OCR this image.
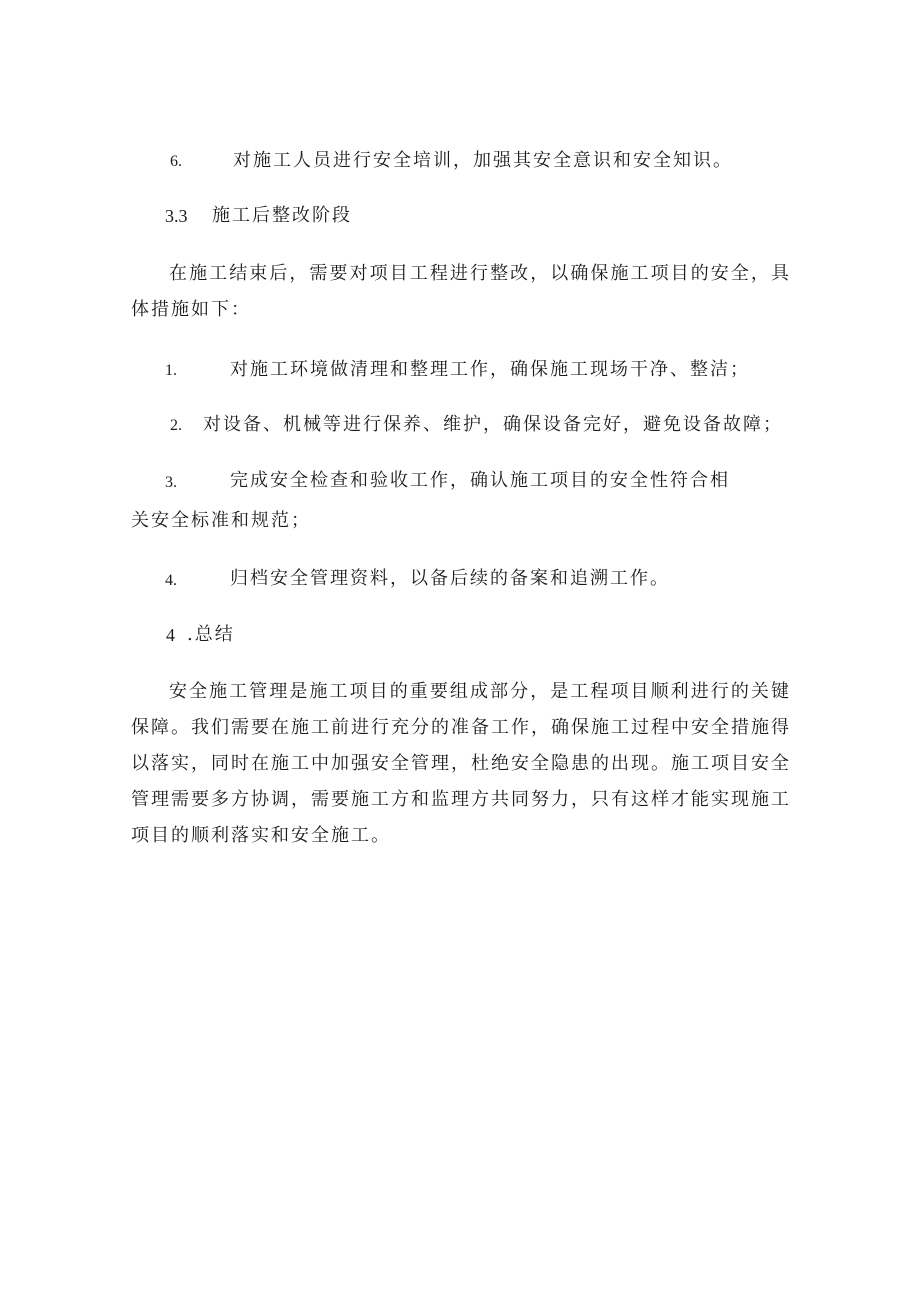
6.	对施工人员进行安全培训，加强其安全意识和安全知识。
3.3 施工后整改阶段
在施工结束后，需要对项目工程进行整改，以确保施工项目的安全，具体措施如下：
1.	对施工环境做清理和整理工作，确保施工现场干净、整洁；
2. 对设备、机械等进行保养、维护，确保设备完好，避免设备故障；
3.	完成安全检查和验收工作，确认施工项目的安全性符合相
关安全标准和规范；
4.	归档安全管理资料，以备后续的备案和追溯工作。
4 .总结
安全施工管理是施工项目的重要组成部分，是工程项目顺利进行的关键保障。我们需要在施工前进行充分的准备工作，确保施工过程中安全措施得以落实，同时在施工中加强安全管理，杜绝安全隐患的出现。施工项目安全管理需要多方协调，需要施工方和监理方共同努力，只有这样才能实现施工项目的顺利落实和安全施工。
